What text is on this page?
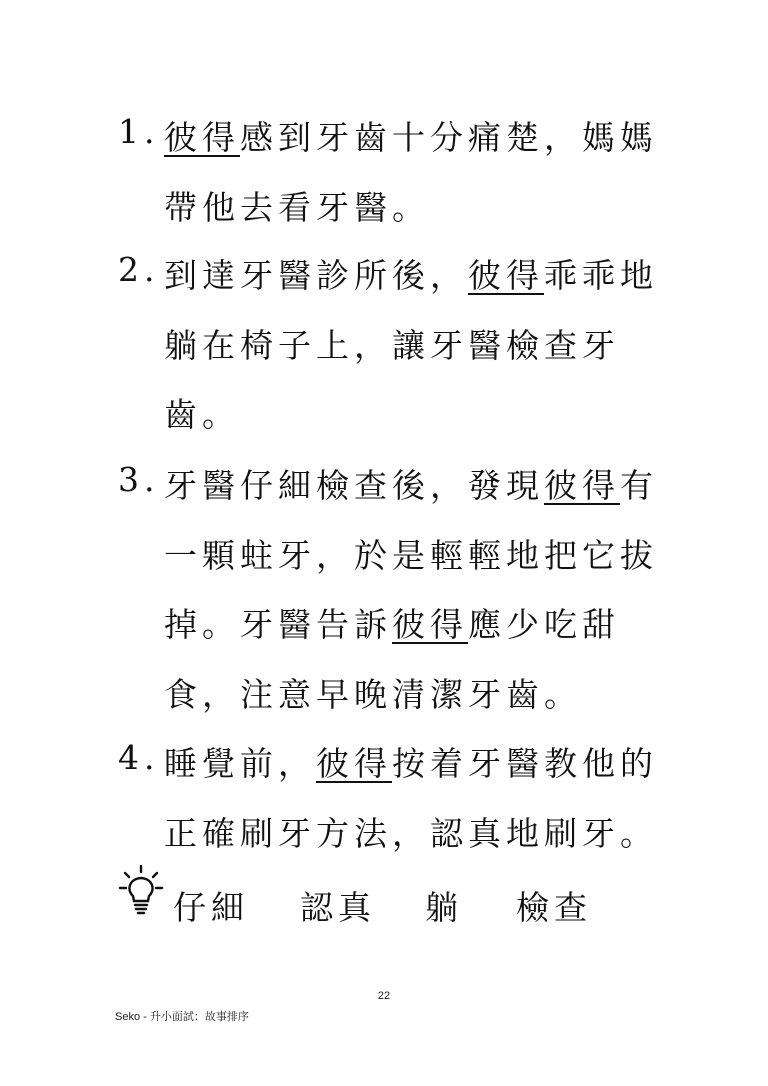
1. 彼得感到牙齒十分痛楚，媽媽
帶他去看牙醫。
2. 到達牙醫診所後，彼得乖乖地
躺在椅子上，讓牙醫檢查牙
齒。
3. 牙醫仔細檢查後，發現彼得有
一顆蛀牙，於是輕輕地把它拔
掉。牙醫告訴彼得應少吃甜
食，注意早晚清潔牙齒。
4. 睡覺前，彼得按着牙醫教他的
正確刷牙方法，認真地刷牙。
仔細 認真 躺 檢查
22
Seko - 升小面試：故事排序
